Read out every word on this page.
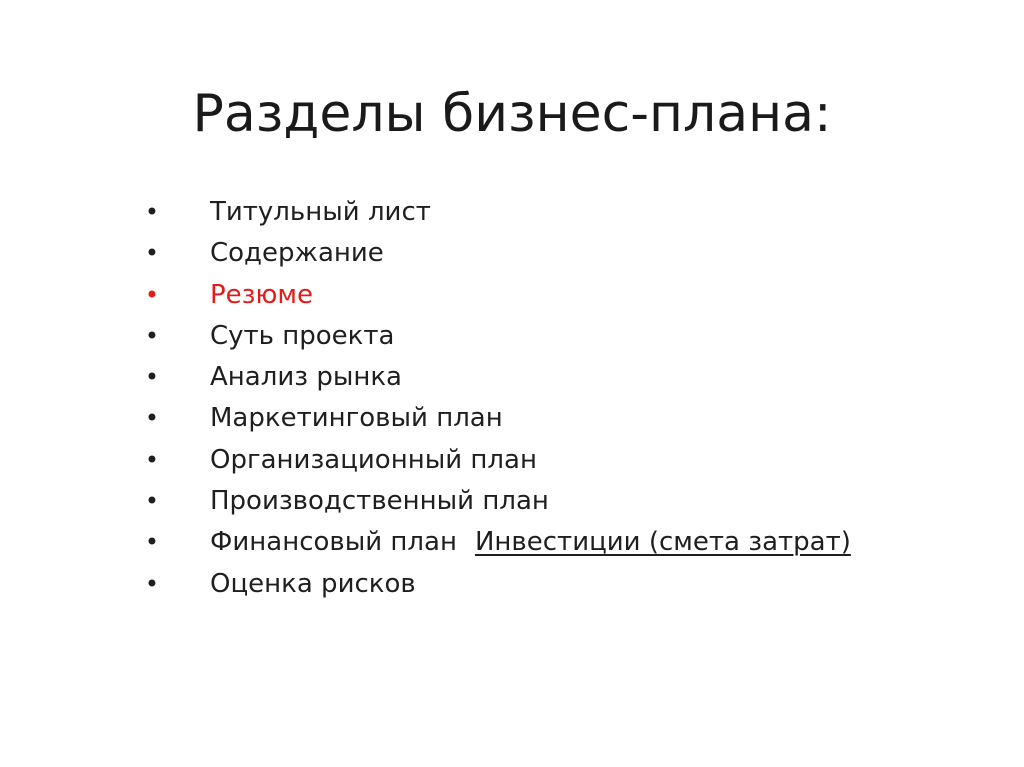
Разделы бизнес-плана:
• Титульный лист
• Содержание
• Резюме
• Суть проекта
• Анализ рынка
• Маркетинговый план
• Организационный план
• Производственный план
• Финансовый план Инвестиции (смета затрат)
• Оценка рисков
